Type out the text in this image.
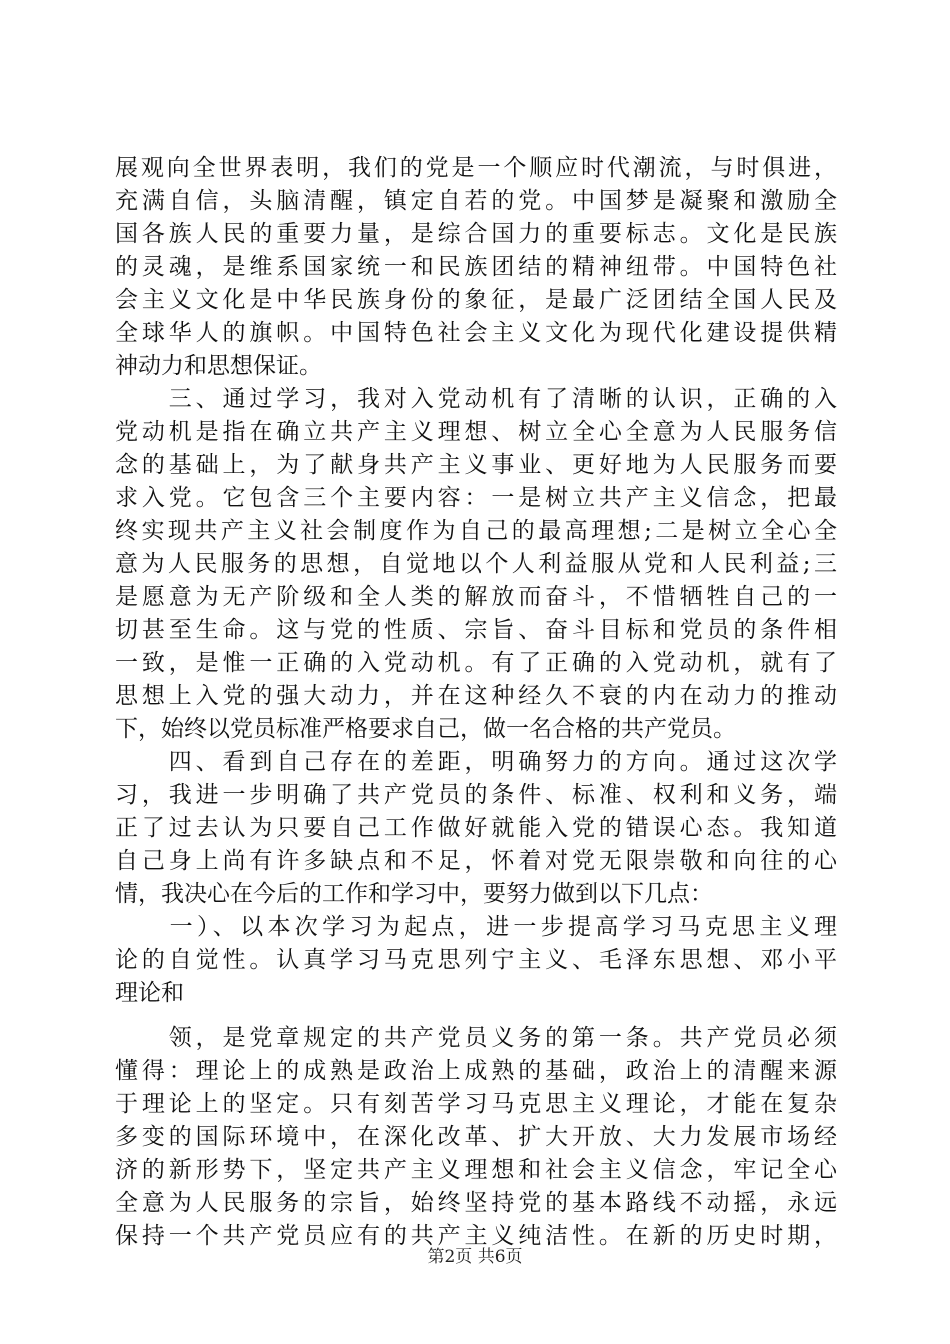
展观向全世界表明，我们的党是一个顺应时代潮流，与时俱进，
充满自信，头脑清醒，镇定自若的党。中国梦是凝聚和激励全
国各族人民的重要力量，是综合国力的重要标志。文化是民族
的灵魂，是维系国家统一和民族团结的精神纽带。中国特色社
会主义文化是中华民族身份的象征，是最广泛团结全国人民及
全球华人的旗帜。中国特色社会主义文化为现代化建设提供精
神动力和思想保证。
　　三、通过学习，我对入党动机有了清晰的认识，正确的入
党动机是指在确立共产主义理想、树立全心全意为人民服务信
念的基础上，为了献身共产主义事业、更好地为人民服务而要
求入党。它包含三个主要内容：一是树立共产主义信念，把最
终实现共产主义社会制度作为自己的最高理想;二是树立全心全
意为人民服务的思想，自觉地以个人利益服从党和人民利益;三
是愿意为无产阶级和全人类的解放而奋斗，不惜牺牲自己的一
切甚至生命。这与党的性质、宗旨、奋斗目标和党员的条件相
一致，是惟一正确的入党动机。有了正确的入党动机，就有了
思想上入党的强大动力，并在这种经久不衰的内在动力的推动
下，始终以党员标准严格要求自己，做一名合格的共产党员。
　　四、看到自己存在的差距，明确努力的方向。通过这次学
习，我进一步明确了共产党员的条件、标准、权利和义务，端
正了过去认为只要自己工作做好就能入党的错误心态。我知道
自己身上尚有许多缺点和不足，怀着对党无限崇敬和向往的心
情，我决心在今后的工作和学习中，要努力做到以下几点：
　　一）、以本次学习为起点，进一步提高学习马克思主义理
论的自觉性。认真学习马克思列宁主义、毛泽东思想、邓小平
理论和
　　领，是党章规定的共产党员义务的第一条。共产党员必须
懂得：理论上的成熟是政治上成熟的基础，政治上的清醒来源
于理论上的坚定。只有刻苦学习马克思主义理论，才能在复杂
多变的国际环境中，在深化改革、扩大开放、大力发展市场经
济的新形势下，坚定共产主义理想和社会主义信念，牢记全心
全意为人民服务的宗旨，始终坚持党的基本路线不动摇，永远
保持一个共产党员应有的共产主义纯洁性。在新的历史时期，
第2页 共6页
